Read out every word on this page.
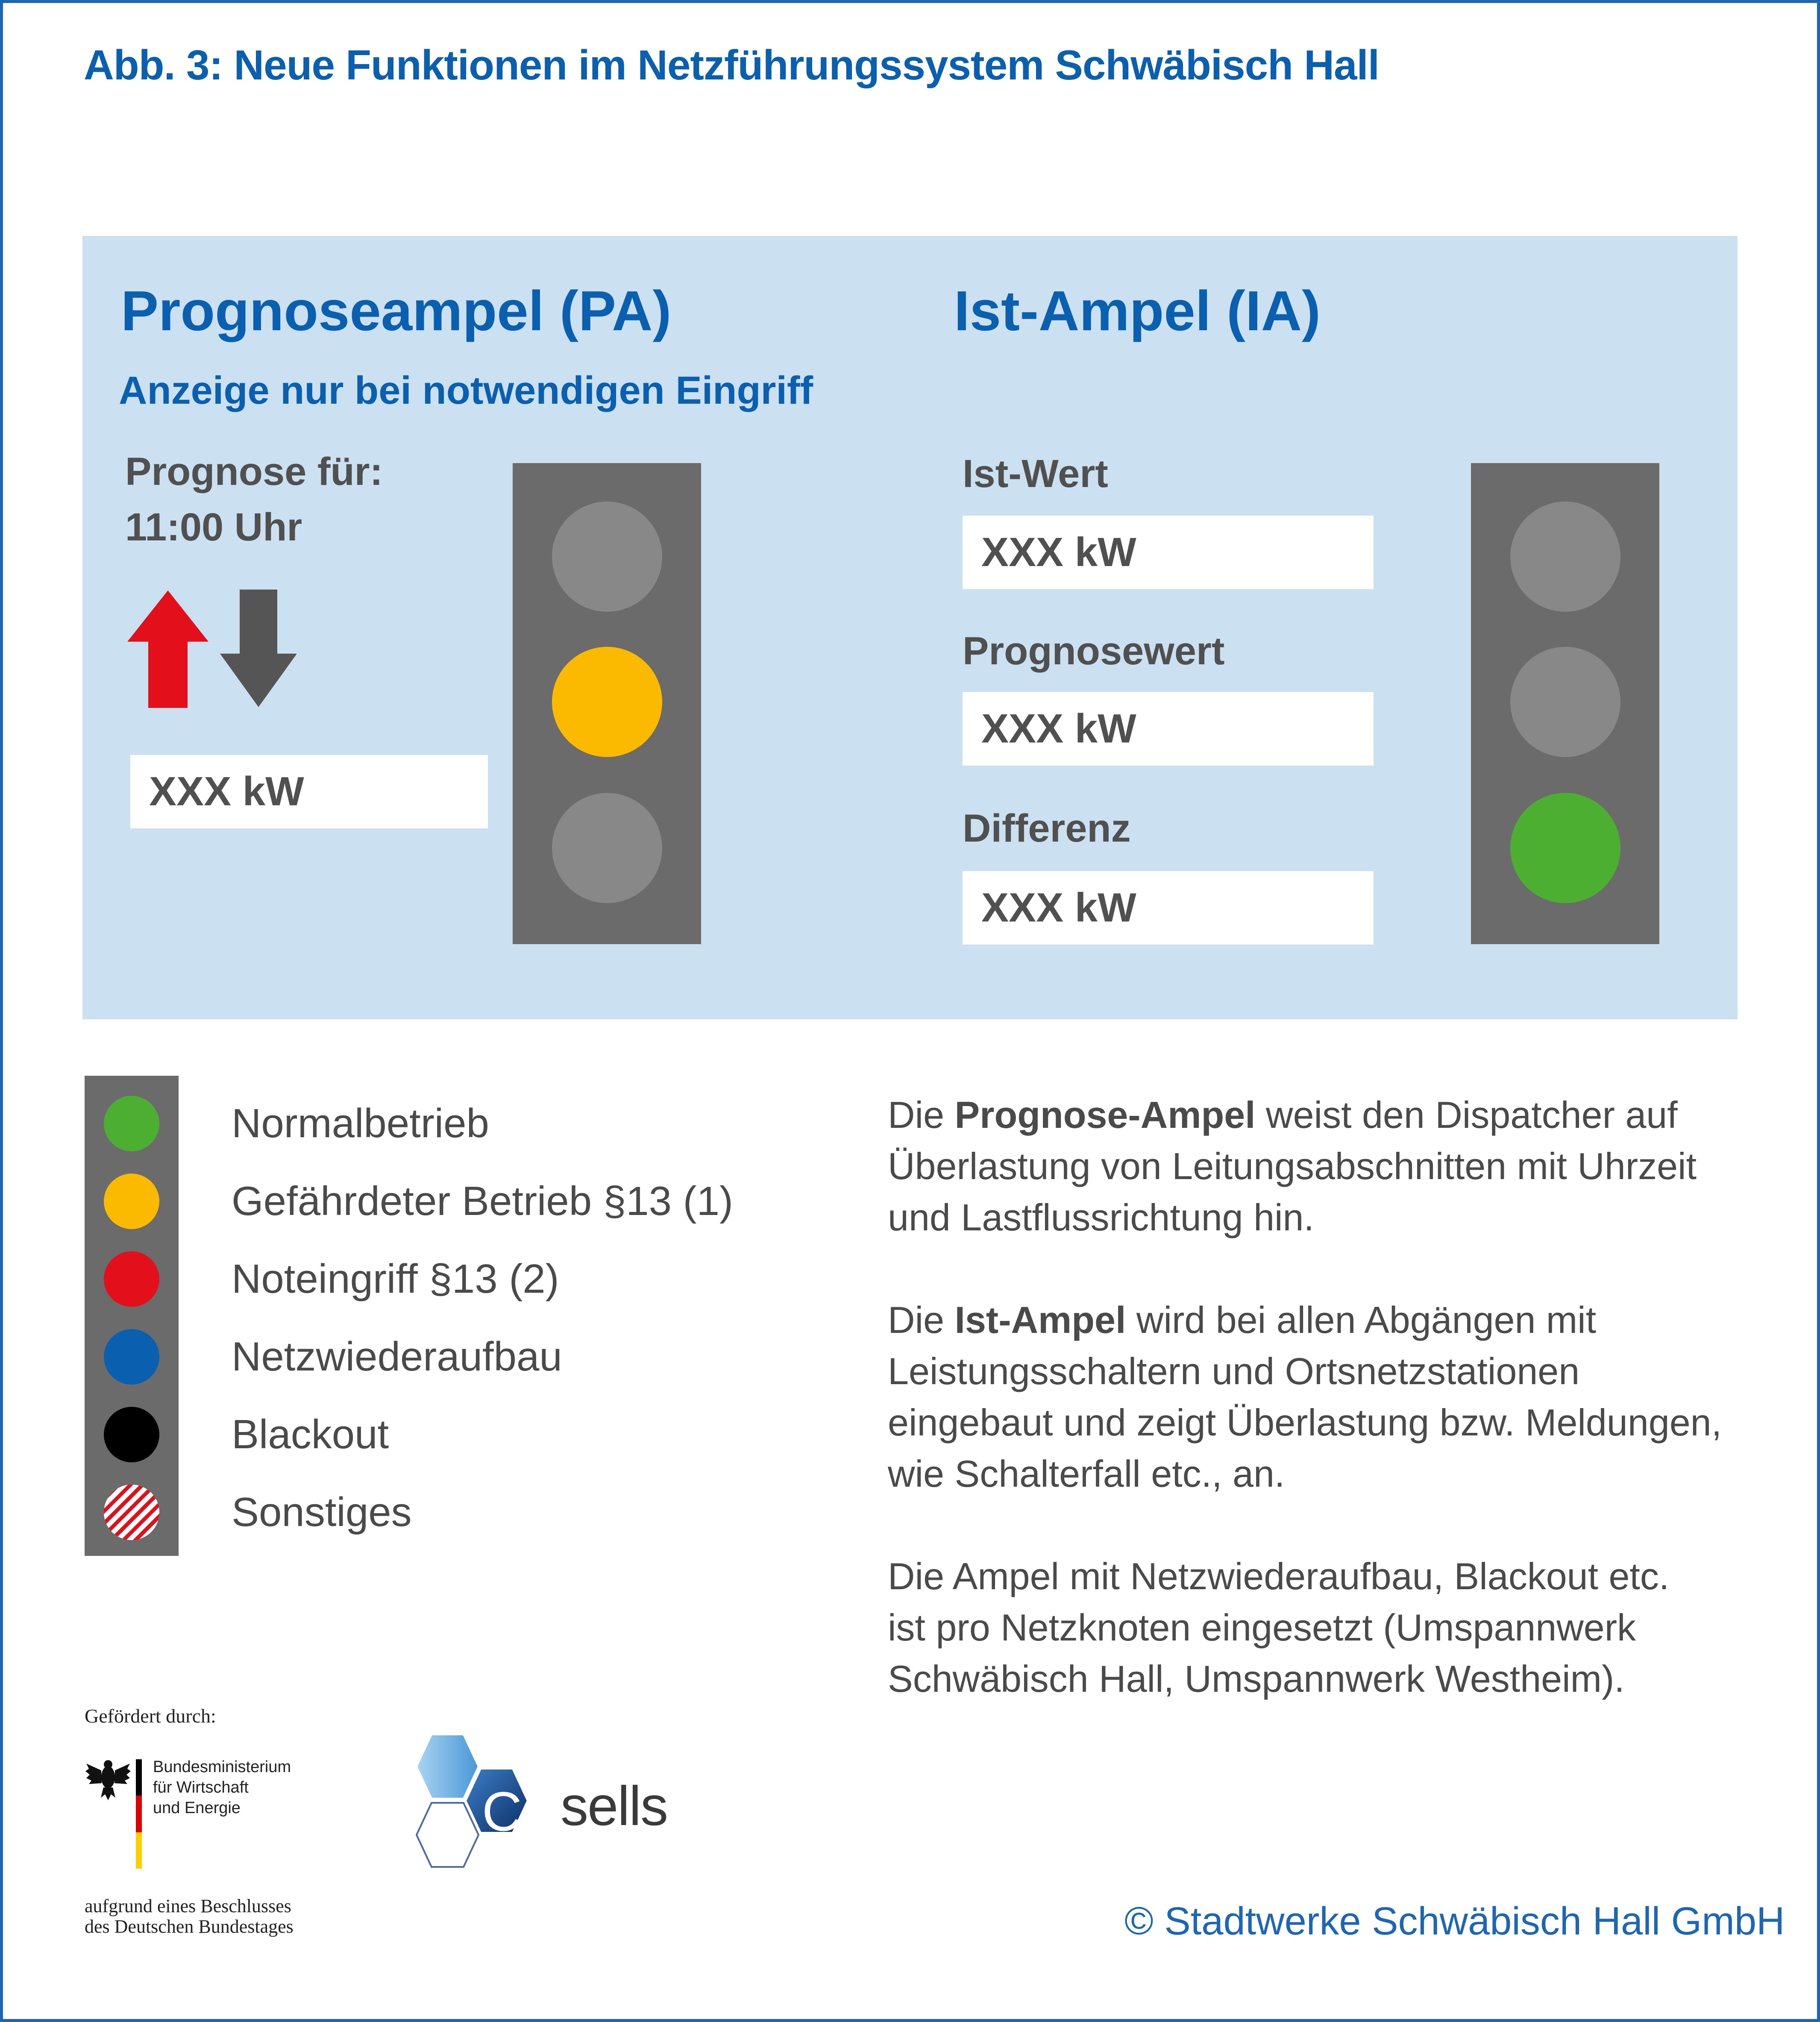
Abb. 3: Neue Funktionen im Netzführungssystem Schwäbisch Hall
Prognoseampel (PA)
Anzeige nur bei notwendigen Eingriff
Prognose für:
11:00 Uhr
XXX kW
Ist-Ampel (IA)
Ist-Wert
XXX kW
Prognosewert
XXX kW
Differenz
XXX kW
Normalbetrieb
Gefährdeter Betrieb §13 (1)
Noteingriff §13 (2)
Netzwiederaufbau
Blackout
Sonstiges
Die Prognose-Ampel weist den Dispatcher auf
Überlastung von Leitungsabschnitten mit Uhrzeit
und Lastflussrichtung hin.
Die Ist-Ampel wird bei allen Abgängen mit
Leistungsschaltern und Ortsnetzstationen
eingebaut und zeigt Überlastung bzw. Meldungen,
wie Schalterfall etc., an.
Die Ampel mit Netzwiederaufbau, Blackout etc.
ist pro Netzknoten eingesetzt (Umspannwerk
Schwäbisch Hall, Umspannwerk Westheim).
Gefördert durch:
Bundesministerium
für Wirtschaft
und Energie
aufgrund eines Beschlusses
des Deutschen Bundestages
C sells
© Stadtwerke Schwäbisch Hall GmbH
